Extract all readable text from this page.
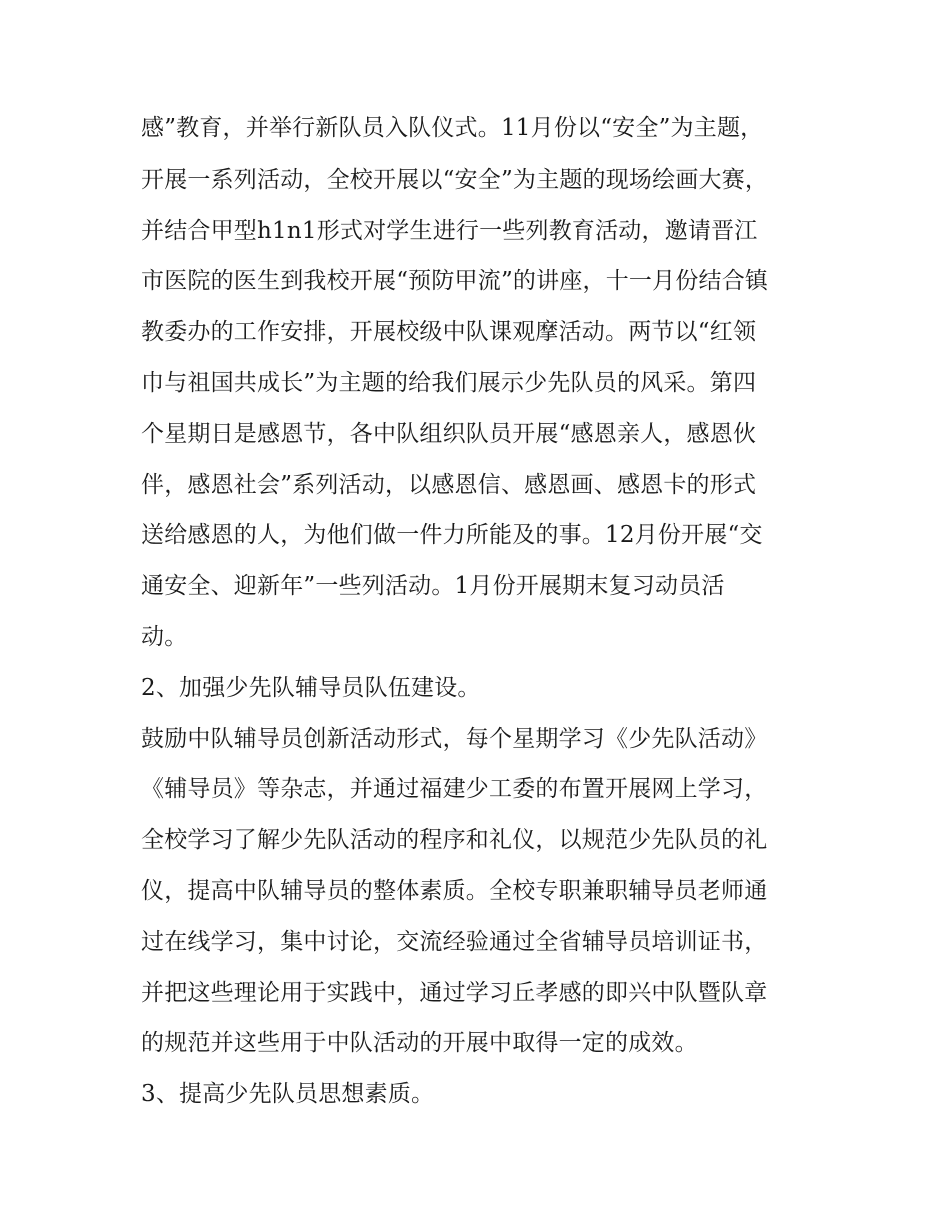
感”教育，并举行新队员入队仪式。11月份以“安全”为主题，
开展一系列活动，全校开展以“安全”为主题的现场绘画大赛，
并结合甲型h1n1形式对学生进行一些列教育活动，邀请晋江
市医院的医生到我校开展“预防甲流”的讲座，十一月份结合镇
教委办的工作安排，开展校级中队课观摩活动。两节以“红领
巾与祖国共成长”为主题的给我们展示少先队员的风采。第四
个星期日是感恩节，各中队组织队员开展“感恩亲人，感恩伙
伴，感恩社会”系列活动，以感恩信、感恩画、感恩卡的形式
送给感恩的人，为他们做一件力所能及的事。12月份开展“交
通安全、迎新年”一些列活动。1月份开展期末复习动员活
动。
2、加强少先队辅导员队伍建设。
鼓励中队辅导员创新活动形式，每个星期学习《少先队活动》
《辅导员》等杂志，并通过福建少工委的布置开展网上学习，
全校学习了解少先队活动的程序和礼仪，以规范少先队员的礼
仪，提高中队辅导员的整体素质。全校专职兼职辅导员老师通
过在线学习，集中讨论，交流经验通过全省辅导员培训证书，
并把这些理论用于实践中，通过学习丘孝感的即兴中队暨队章
的规范并这些用于中队活动的开展中取得一定的成效。
3、提高少先队员思想素质。
